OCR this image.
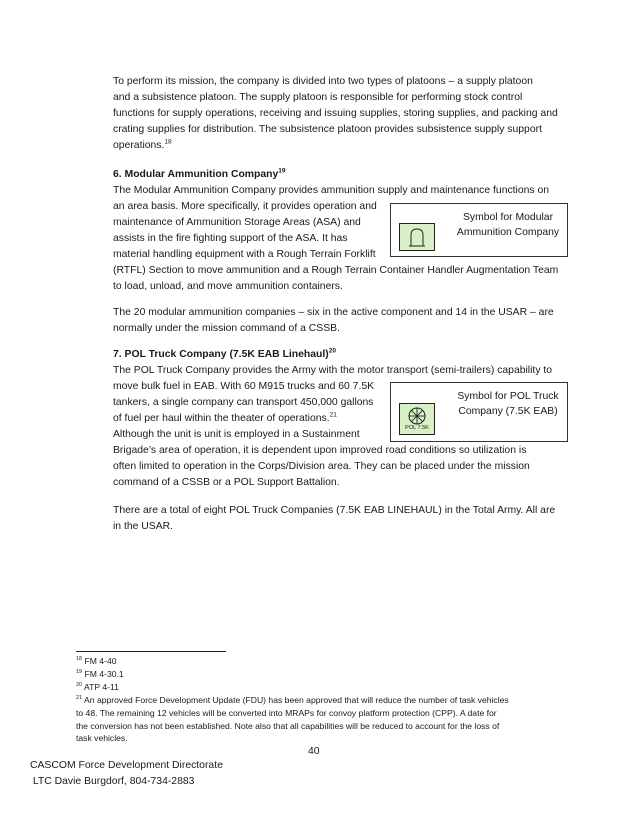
To perform its mission, the company is divided into two types of platoons – a supply platoon
and a subsistence platoon. The supply platoon is responsible for performing stock control
functions for supply operations, receiving and issuing supplies, storing supplies, and packing and
crating supplies for distribution. The subsistence platoon provides subsistence supply support
operations.$^{18}$
6. Modular Ammunition Company$^{19}$
The Modular Ammunition Company provides ammunition supply and maintenance functions on
an area basis. More specifically, it provides operation and
maintenance of Ammunition Storage Areas (ASA) and
assists in the fire fighting support of the ASA. It has
material handling equipment with a Rough Terrain Forklift
(RTFL) Section to move ammunition and a Rough Terrain Container Handler Augmentation Team
to load, unload, and move ammunition containers.
Symbol for Modular
Ammunition Company
The 20 modular ammunition companies – six in the active component and 14 in the USAR – are
normally under the mission command of a CSSB.
7. POL Truck Company (7.5K EAB Linehaul)$^{20}$
The POL Truck Company provides the Army with the motor transport (semi-trailers) capability to
move bulk fuel in EAB. With 60 M915 trucks and 60 7.5K
tankers, a single company can transport 450,000 gallons
of fuel per haul within the theater of operations.$^{21}$
Although the unit is unit is employed in a Sustainment
Brigade’s area of operation, it is dependent upon improved road conditions so utilization is
often limited to operation in the Corps/Division area. They can be placed under the mission
command of a CSSB or a POL Support Battalion.
POL 7.5K
Symbol for POL Truck
Company (7.5K EAB)
There are a total of eight POL Truck Companies (7.5K EAB LINEHAUL) in the Total Army. All are
in the USAR.
$^{18}$ FM 4-40
$^{19}$ FM 4-30.1
$^{20}$ ATP 4-11
$^{21}$ An approved Force Development Update (FDU) has been approved that will reduce the number of task vehicles
to 48. The remaining 12 vehicles will be converted into MRAPs for convoy platform protection (CPP). A date for
the conversion has not been established. Note also that all capabilities will be reduced to account for the loss of
task vehicles.
40
CASCOM Force Development Directorate
LTC Davie Burgdorf, 804-734-2883
